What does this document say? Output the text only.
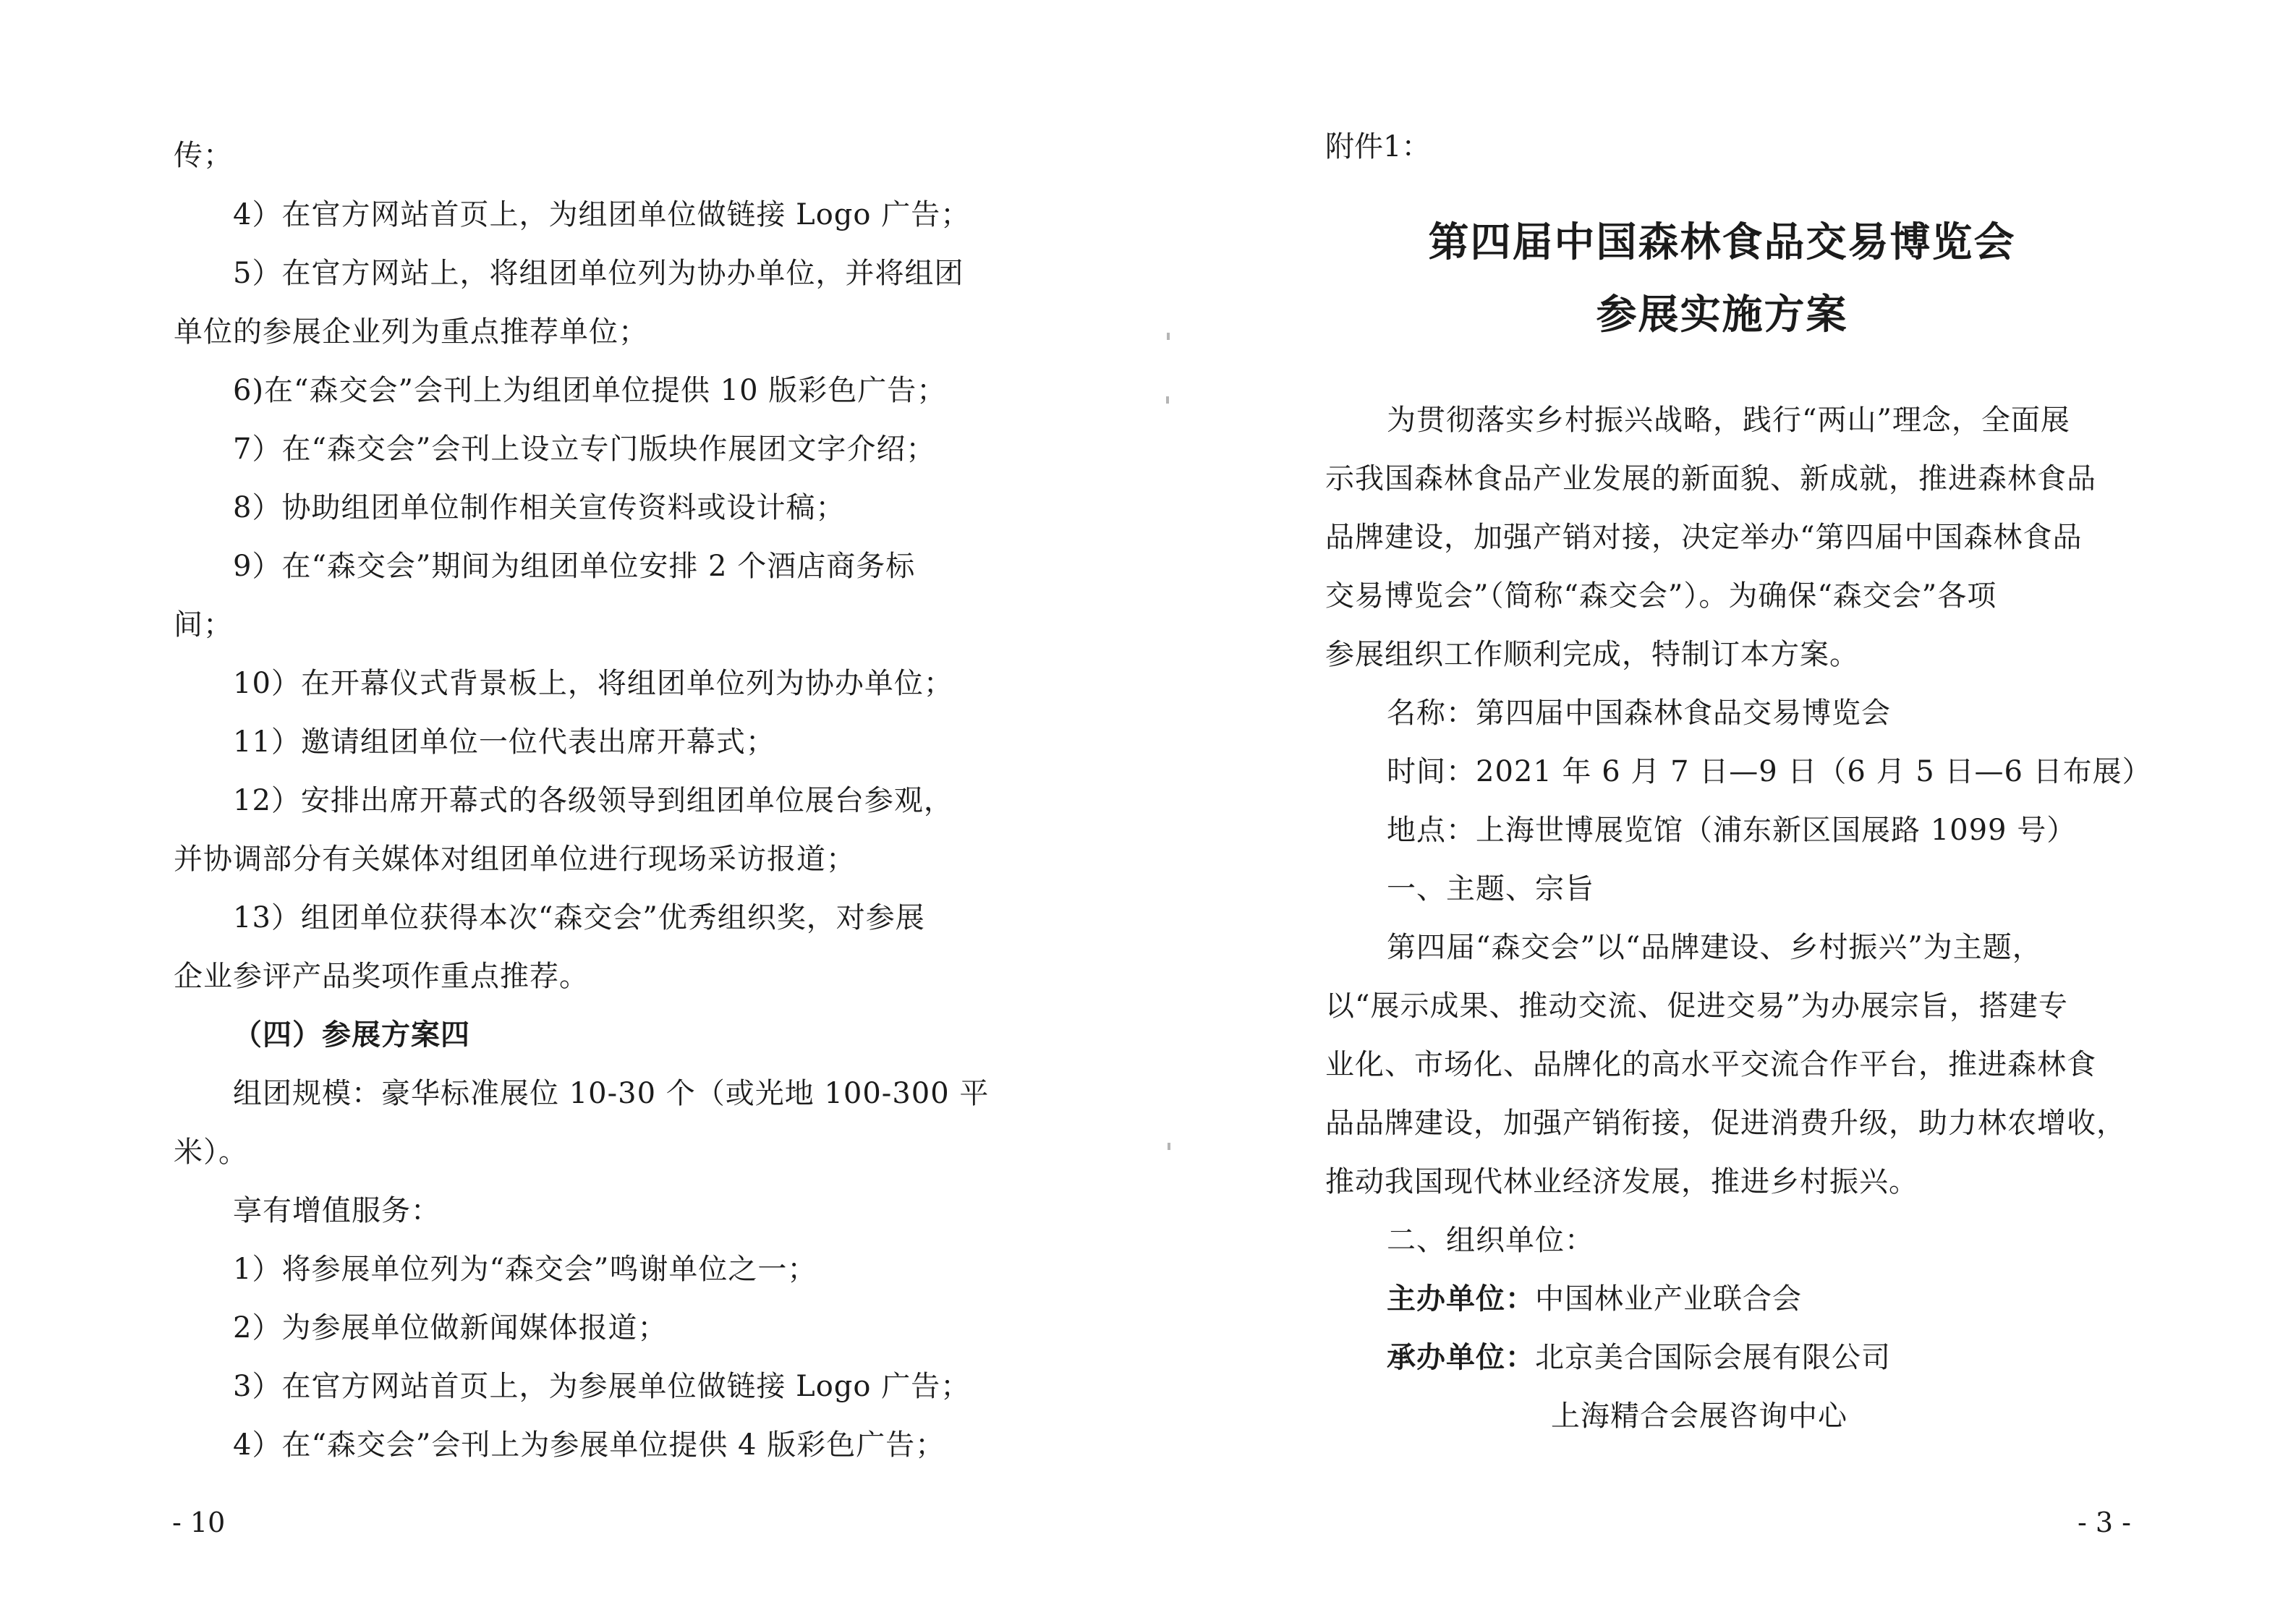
传；
4）在官方网站首页上，为组团单位做链接 Logo 广告；
5）在官方网站上，将组团单位列为协办单位，并将组团
单位的参展企业列为重点推荐单位；
6)在“森交会”会刊上为组团单位提供 10 版彩色广告；
7）在“森交会”会刊上设立专门版块作展团文字介绍；
8）协助组团单位制作相关宣传资料或设计稿；
9）在“森交会”期间为组团单位安排 2 个酒店商务标
间；
10）在开幕仪式背景板上，将组团单位列为协办单位；
11）邀请组团单位一位代表出席开幕式；
12）安排出席开幕式的各级领导到组团单位展台参观，
并协调部分有关媒体对组团单位进行现场采访报道；
13）组团单位获得本次“森交会”优秀组织奖，对参展
企业参评产品奖项作重点推荐。
（四）参展方案四
组团规模：豪华标准展位 10-30 个（或光地 100-300 平
米）。
享有增值服务：
1）将参展单位列为“森交会”鸣谢单位之一；
2）为参展单位做新闻媒体报道；
3）在官方网站首页上，为参展单位做链接 Logo 广告；
4）在“森交会”会刊上为参展单位提供 4 版彩色广告；
- 10
附件1：
第四届中国森林食品交易博览会
参展实施方案
为贯彻落实乡村振兴战略，践行“两山”理念，全面展
示我国森林食品产业发展的新面貌、新成就，推进森林食品
品牌建设，加强产销对接，决定举办“第四届中国森林食品
交易博览会”（简称“森交会”）。为确保“森交会”各项
参展组织工作顺利完成，特制订本方案。
名称：第四届中国森林食品交易博览会
时间：2021 年 6 月 7 日—9 日（6 月 5 日—6 日布展）
地点：上海世博展览馆（浦东新区国展路 1099 号）
一、主题、宗旨
第四届“森交会”以“品牌建设、乡村振兴”为主题，
以“展示成果、推动交流、促进交易”为办展宗旨，搭建专
业化、市场化、品牌化的高水平交流合作平台，推进森林食
品品牌建设，加强产销衔接，促进消费升级，助力林农增收，
推动我国现代林业经济发展，推进乡村振兴。
二、组织单位：
主办单位：中国林业产业联合会
承办单位：北京美合国际会展有限公司
上海精合会展咨询中心
- 3 -
